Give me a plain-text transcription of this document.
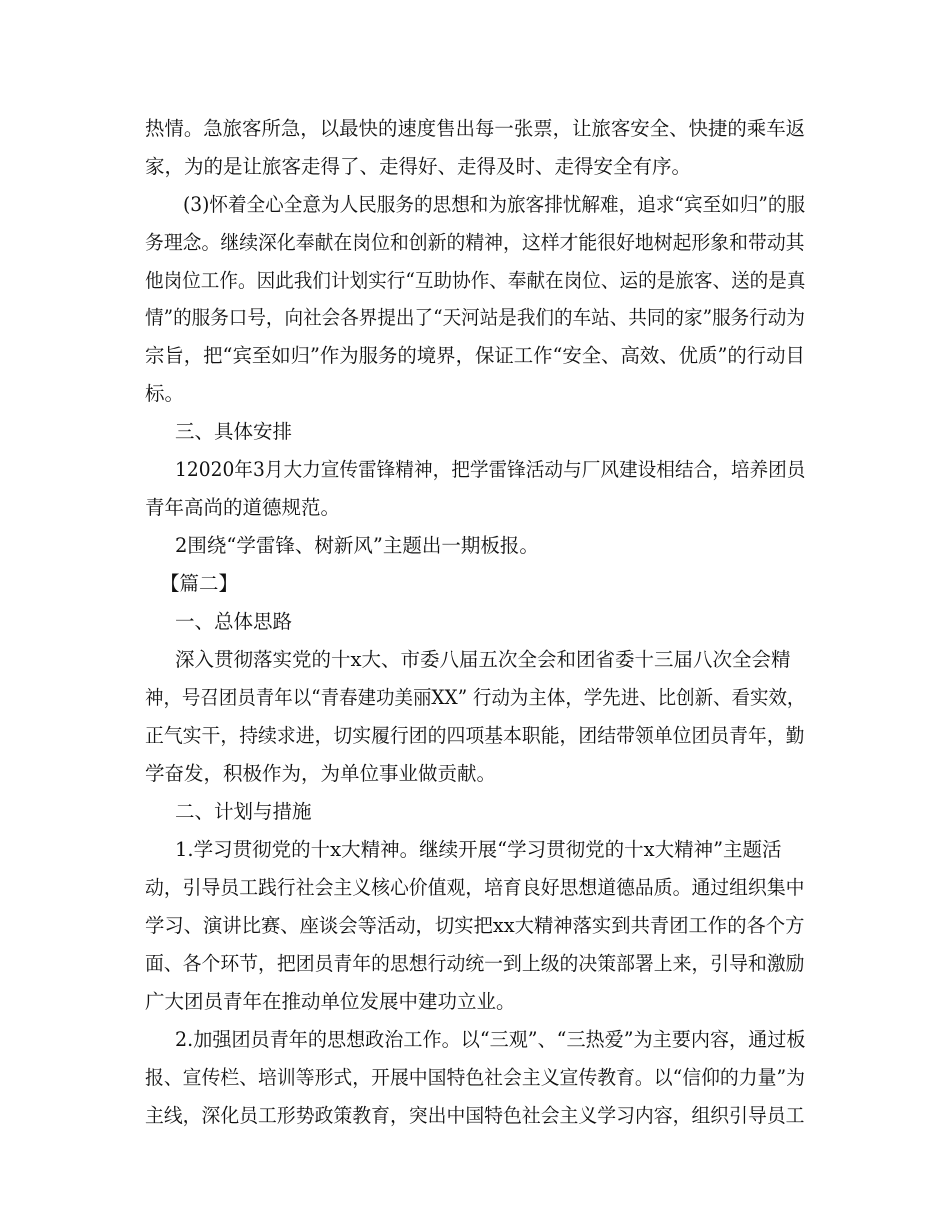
热情。急旅客所急，以最快的速度售出每一张票，让旅客安全、快捷的乘车返
家，为的是让旅客走得了、走得好、走得及时、走得安全有序。
(3)怀着全心全意为人民服务的思想和为旅客排忧解难，追求“宾至如归”的服
务理念。继续深化奉献在岗位和创新的精神，这样才能很好地树起形象和带动其
他岗位工作。因此我们计划实行“互助协作、奉献在岗位、运的是旅客、送的是真
情”的服务口号，向社会各界提出了“天河站是我们的车站、共同的家”服务行动为
宗旨，把“宾至如归”作为服务的境界，保证工作“安全、高效、优质”的行动目
标。
三、具体安排
12020年3月大力宣传雷锋精神，把学雷锋活动与厂风建设相结合，培养团员
青年高尚的道德规范。
2围绕“学雷锋、树新风”主题出一期板报。
【篇二】
一、总体思路
深入贯彻落实党的十x大、市委八届五次全会和团省委十三届八次全会精
神，号召团员青年以“青春建功美丽XX” 行动为主体，学先进、比创新、看实效，
正气实干，持续求进，切实履行团的四项基本职能，团结带领单位团员青年，勤
学奋发，积极作为，为单位事业做贡献。
二、计划与措施
1.学习贯彻党的十x大精神。继续开展“学习贯彻党的十x大精神”主题活
动，引导员工践行社会主义核心价值观，培育良好思想道德品质。通过组织集中
学习、演讲比赛、座谈会等活动，切实把xx大精神落实到共青团工作的各个方
面、各个环节，把团员青年的思想行动统一到上级的决策部署上来，引导和激励
广大团员青年在推动单位发展中建功立业。
2.加强团员青年的思想政治工作。以“三观”、“三热爱”为主要内容，通过板
报、宣传栏、培训等形式，开展中国特色社会主义宣传教育。以“信仰的力量”为
主线，深化员工形势政策教育，突出中国特色社会主义学习内容，组织引导员工
